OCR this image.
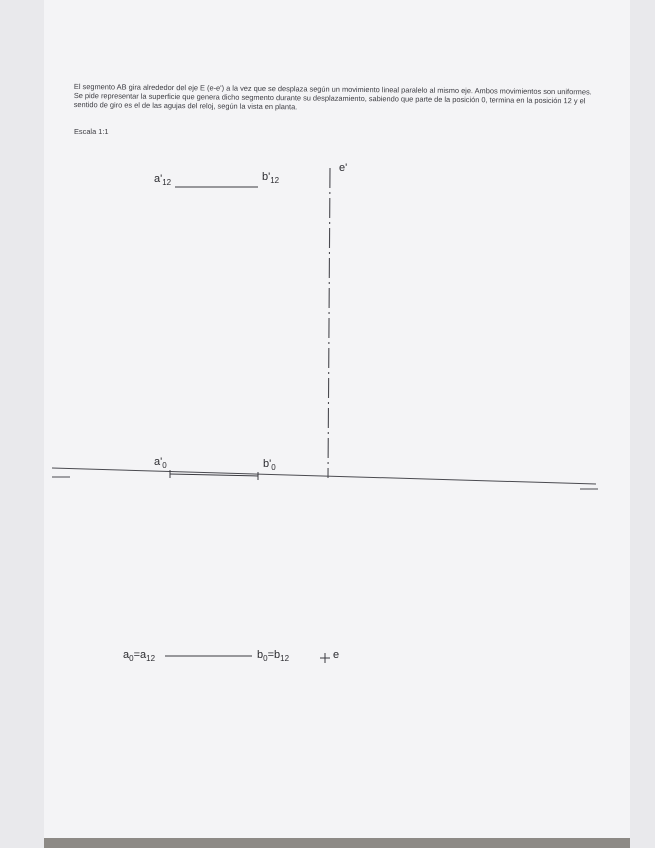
El segmento AB gira alrededor del eje E (e-e') a la vez que se desplaza según un movimiento lineal paralelo al mismo eje. Ambos movimientos son uniformes. Se pide representar la superficie que genera dicho segmento durante su desplazamiento, sabiendo que parte de la posición 0, termina en la posición 12 y el sentido de giro es el de las agujas del reloj, según la vista en planta.

Escala 1:1
$a'_{12}$	$b'_{12}$
e'
$a'_0$	$b'_0$
$a_0=a_{12}$	$b_0=b_{12}$	e
